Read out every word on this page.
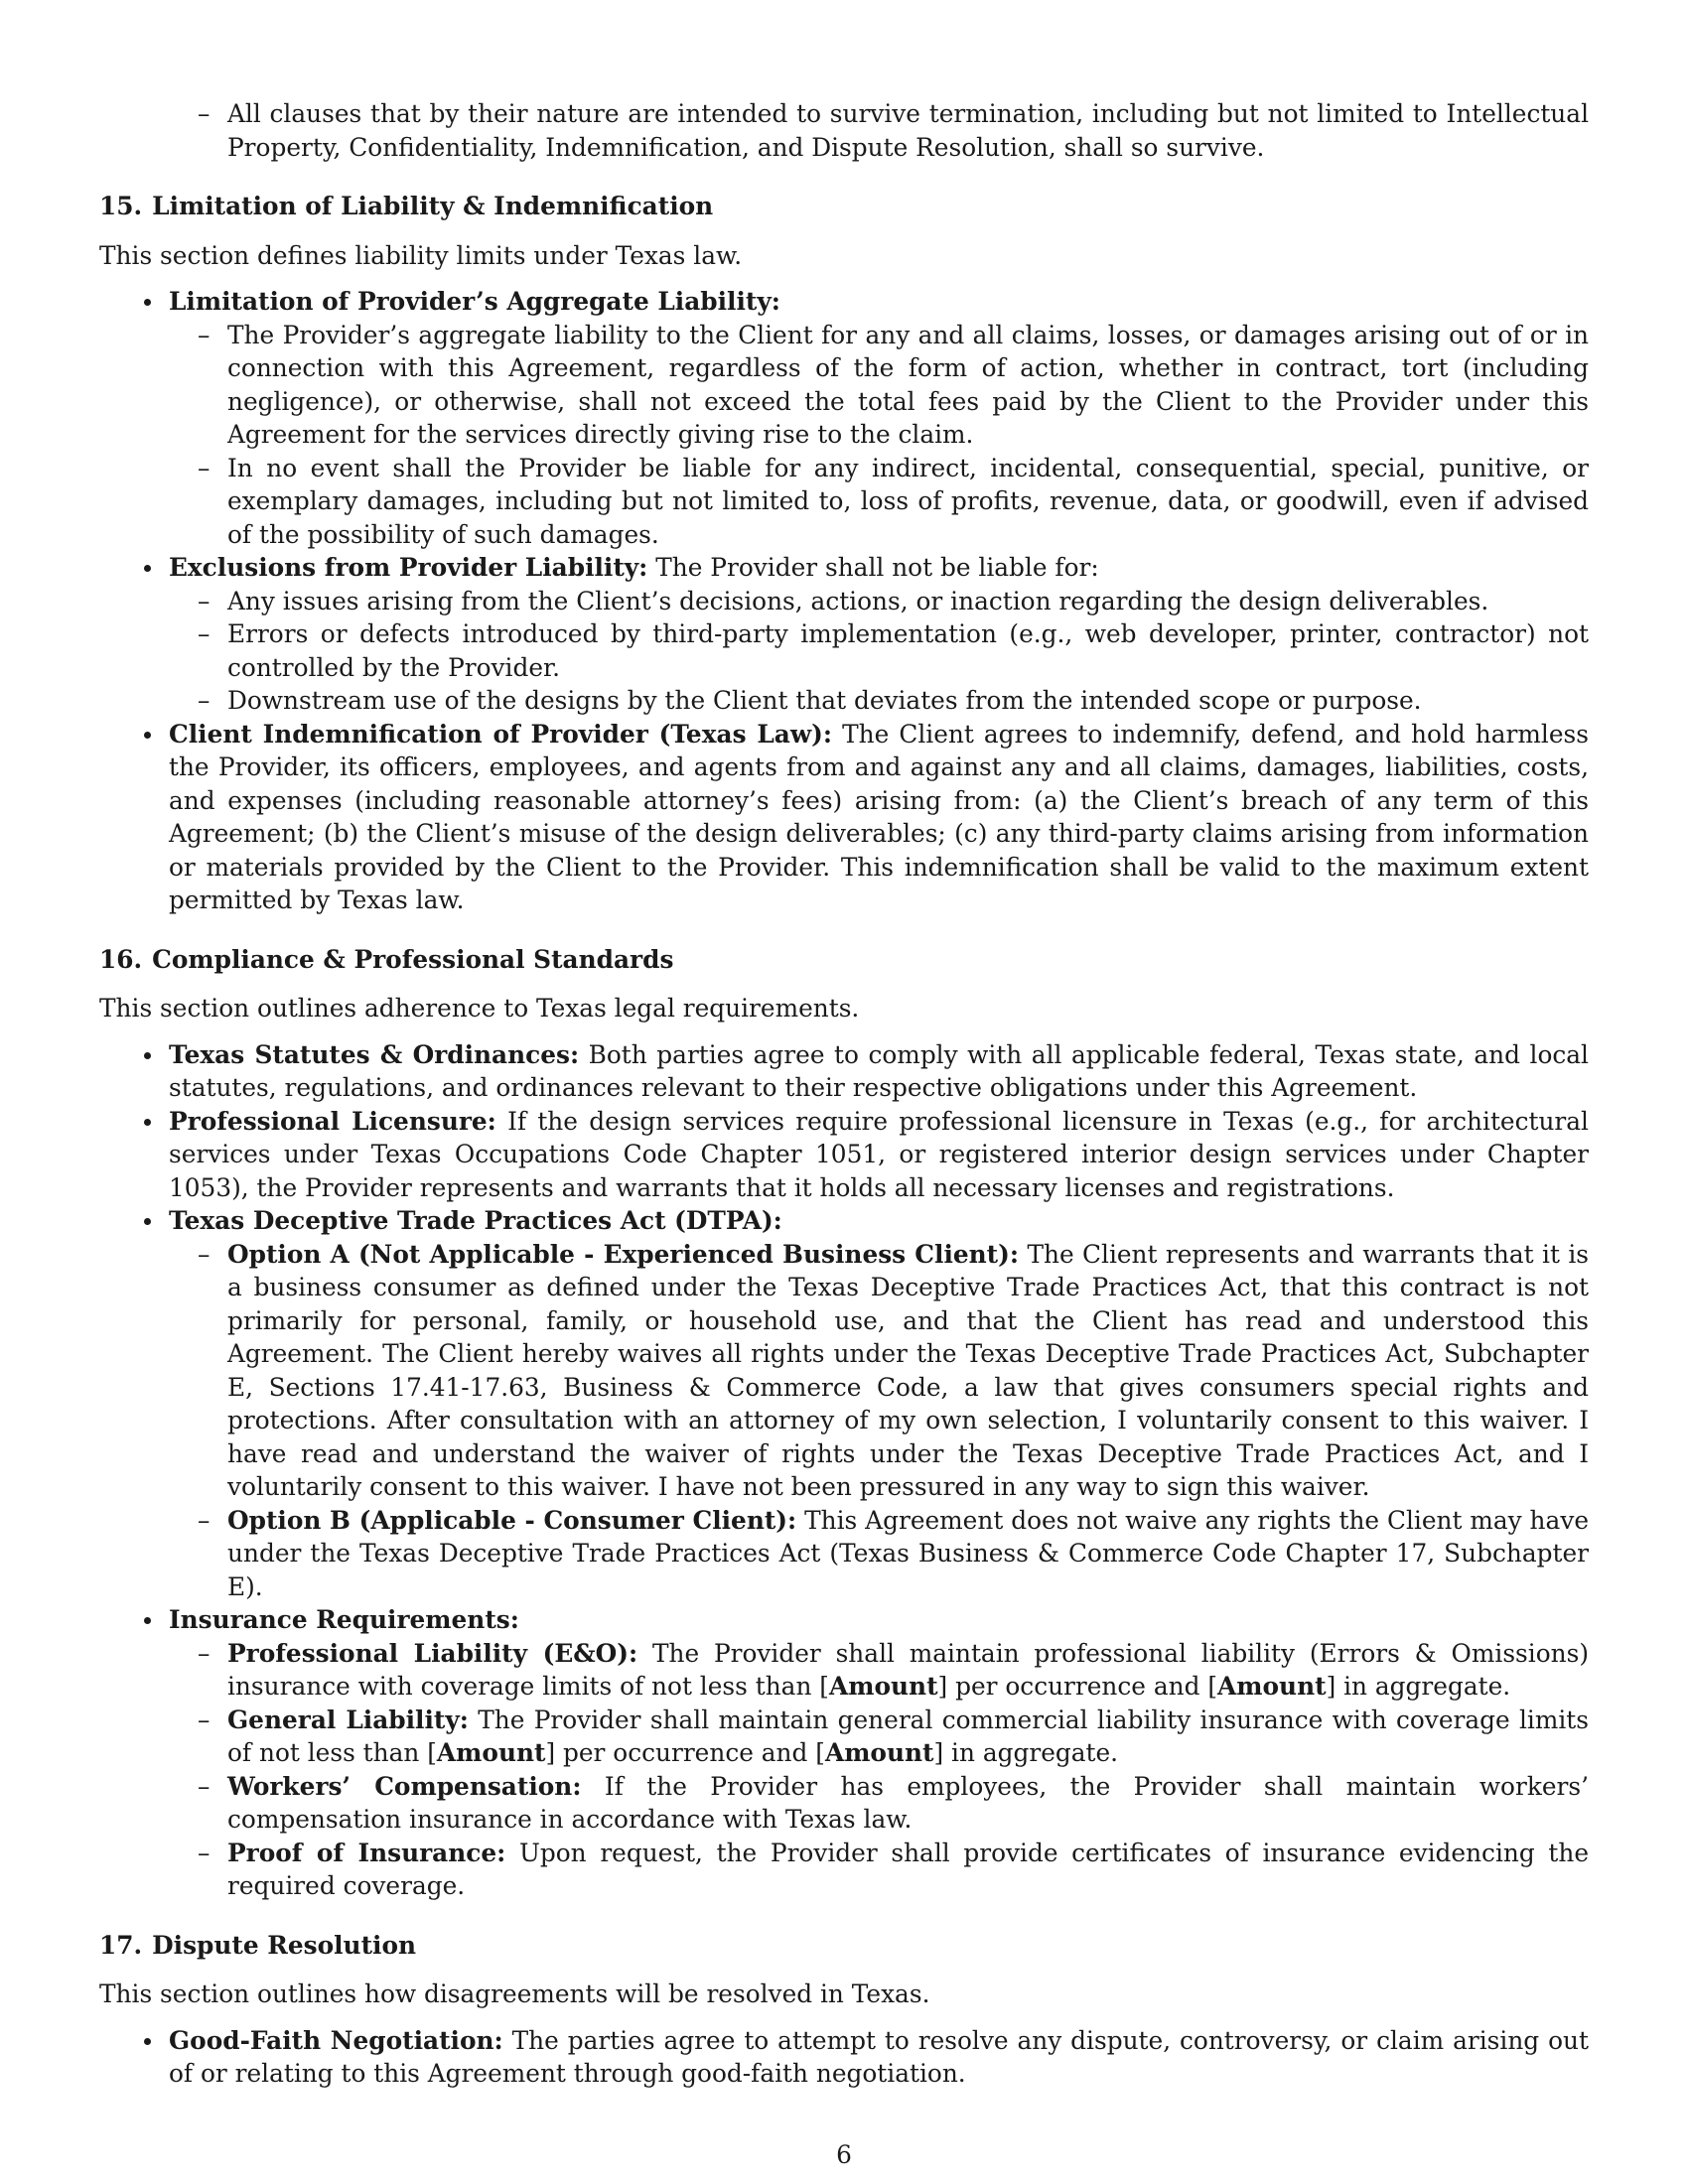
– All clauses that by their nature are intended to survive termination, including but not limited to Intellectual Property, Confidentiality, Indemnification, and Dispute Resolution, shall so survive.

15. Limitation of Liability & Indemnification

This section defines liability limits under Texas law.

Limitation of Provider’s Aggregate Liability:
– The Provider’s aggregate liability to the Client for any and all claims, losses, or damages arising out of or in connection with this Agreement, regardless of the form of action, whether in contract, tort (including negligence), or otherwise, shall not exceed the total fees paid by the Client to the Provider under this Agreement for the services directly giving rise to the claim.
– In no event shall the Provider be liable for any indirect, incidental, consequential, special, punitive, or exemplary damages, including but not limited to, loss of profits, revenue, data, or goodwill, even if advised of the possibility of such damages.
Exclusions from Provider Liability: The Provider shall not be liable for:
– Any issues arising from the Client’s decisions, actions, or inaction regarding the design deliverables.
– Errors or defects introduced by third-party implementation (e.g., web developer, printer, contractor) not controlled by the Provider.
– Downstream use of the designs by the Client that deviates from the intended scope or purpose.
Client Indemnification of Provider (Texas Law): The Client agrees to indemnify, defend, and hold harmless the Provider, its officers, employees, and agents from and against any and all claims, damages, liabilities, costs, and expenses (including reasonable attorney’s fees) arising from: (a) the Client’s breach of any term of this Agreement; (b) the Client’s misuse of the design deliverables; (c) any third-party claims arising from information or materials provided by the Client to the Provider. This indemnification shall be valid to the maximum extent permitted by Texas law.

16. Compliance & Professional Standards

This section outlines adherence to Texas legal requirements.

Texas Statutes & Ordinances: Both parties agree to comply with all applicable federal, Texas state, and local statutes, regulations, and ordinances relevant to their respective obligations under this Agreement.
Professional Licensure: If the design services require professional licensure in Texas (e.g., for architectural services under Texas Occupations Code Chapter 1051, or registered interior design services under Chapter 1053), the Provider represents and warrants that it holds all necessary licenses and registrations.
Texas Deceptive Trade Practices Act (DTPA):
– Option A (Not Applicable - Experienced Business Client): The Client represents and warrants that it is a business consumer as defined under the Texas Deceptive Trade Practices Act, that this contract is not primarily for personal, family, or household use, and that the Client has read and understood this Agreement. The Client hereby waives all rights under the Texas Deceptive Trade Practices Act, Subchapter E, Sections 17.41-17.63, Business & Commerce Code, a law that gives consumers special rights and protections. After consultation with an attorney of my own selection, I voluntarily consent to this waiver. I have read and understand the waiver of rights under the Texas Deceptive Trade Practices Act, and I voluntarily consent to this waiver. I have not been pressured in any way to sign this waiver.
– Option B (Applicable - Consumer Client): This Agreement does not waive any rights the Client may have under the Texas Deceptive Trade Practices Act (Texas Business & Commerce Code Chapter 17, Subchapter E).
Insurance Requirements:
– Professional Liability (E&O): The Provider shall maintain professional liability (Errors & Omissions) insurance with coverage limits of not less than [Amount] per occurrence and [Amount] in aggregate.
– General Liability: The Provider shall maintain general commercial liability insurance with coverage limits of not less than [Amount] per occurrence and [Amount] in aggregate.
– Workers’ Compensation: If the Provider has employees, the Provider shall maintain workers’ compensation insurance in accordance with Texas law.
– Proof of Insurance: Upon request, the Provider shall provide certificates of insurance evidencing the required coverage.

17. Dispute Resolution

This section outlines how disagreements will be resolved in Texas.

Good-Faith Negotiation: The parties agree to attempt to resolve any dispute, controversy, or claim arising out of or relating to this Agreement through good-faith negotiation.
6
